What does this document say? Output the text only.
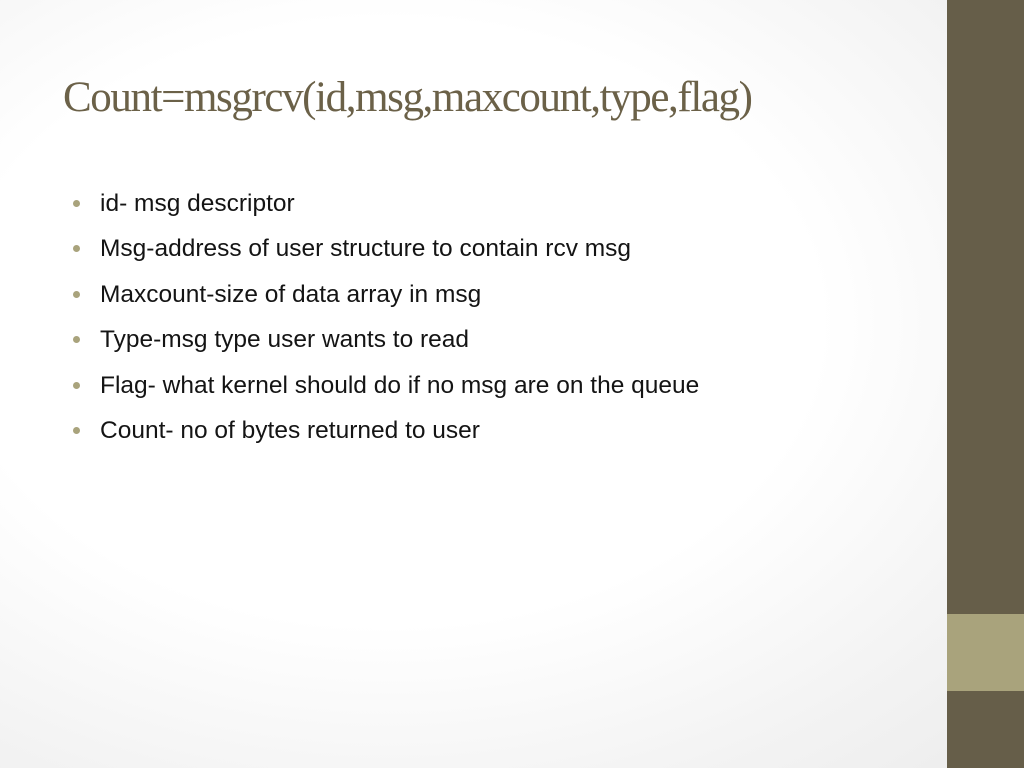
Count=msgrcv(id,msg,maxcount,type,flag)
id- msg descriptor
Msg-address of user structure to contain rcv msg
Maxcount-size of data array in msg
Type-msg type user wants to read
Flag- what kernel should do if no msg are on the queue
Count- no of bytes returned to user
